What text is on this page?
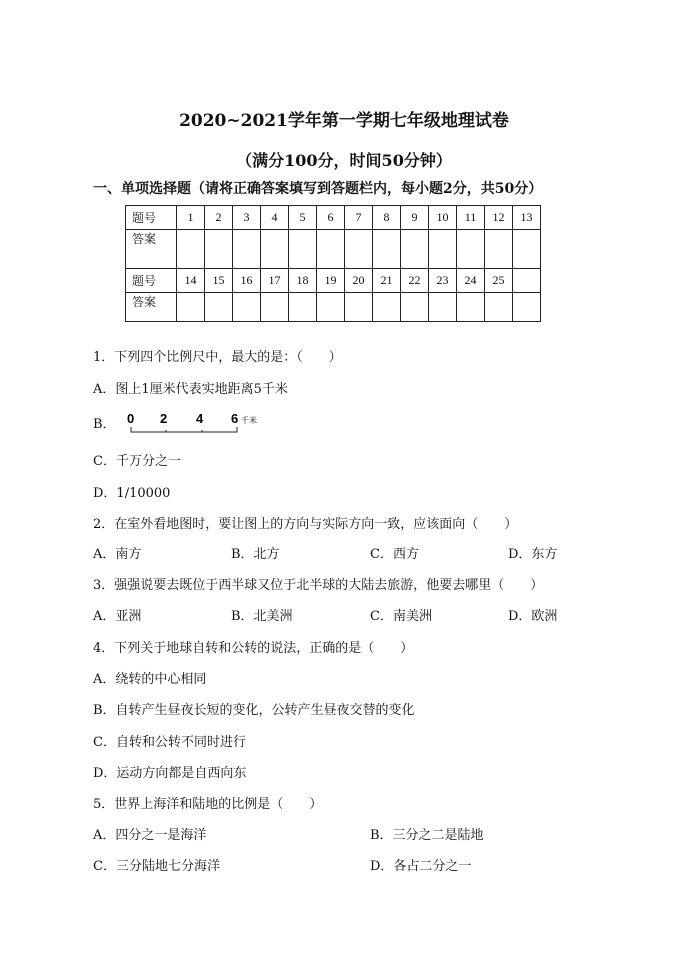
2020~2021学年第一学期七年级地理试卷
（满分100分，时间50分钟）
一、单项选择题（请将正确答案填写到答题栏内，每小题2分，共50分）
题号	1	2	3	4	5	6	7	8	9	10	11	12	13
答案													
题号	14	15	16	17	18	19	20	21	22	23	24	25	
答案													
1．下列四个比例尺中，最大的是：（　　）
A．图上1厘米代表实地距离5千米
B． 0 2 4 6 千米
C．千万分之一
D．1/10000
2．在室外看地图时，要让图上的方向与实际方向一致，应该面向（　　）
A．南方	B．北方	C．西方	D．东方
3．强强说要去既位于西半球又位于北半球的大陆去旅游，他要去哪里（　　）
A．亚洲	B．北美洲	C．南美洲	D．欧洲
4．下列关于地球自转和公转的说法，正确的是（　　）
A．绕转的中心相同
B．自转产生昼夜长短的变化，公转产生昼夜交替的变化
C．自转和公转不同时进行
D．运动方向都是自西向东
5．世界上海洋和陆地的比例是（　　）
A．四分之一是海洋	B．三分之二是陆地
C．三分陆地七分海洋	D．各占二分之一
